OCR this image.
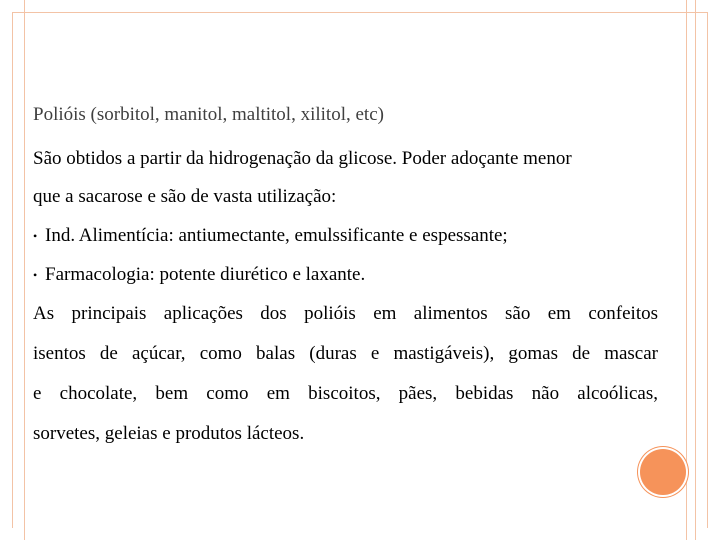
Polióis (sorbitol, manitol, maltitol, xilitol, etc)
São obtidos a partir da hidrogenação da glicose. Poder adoçante menor
que a sacarose e são de vasta utilização:
• Ind. Alimentícia: antiumectante, emulssificante e espessante;
• Farmacologia: potente diurético e laxante.
As principais aplicações dos polióis em alimentos são em confeitos
isentos de açúcar, como balas (duras e mastigáveis), gomas de mascar
e chocolate, bem como em biscoitos, pães, bebidas não alcoólicas,
sorvetes, geleias e produtos lácteos.
